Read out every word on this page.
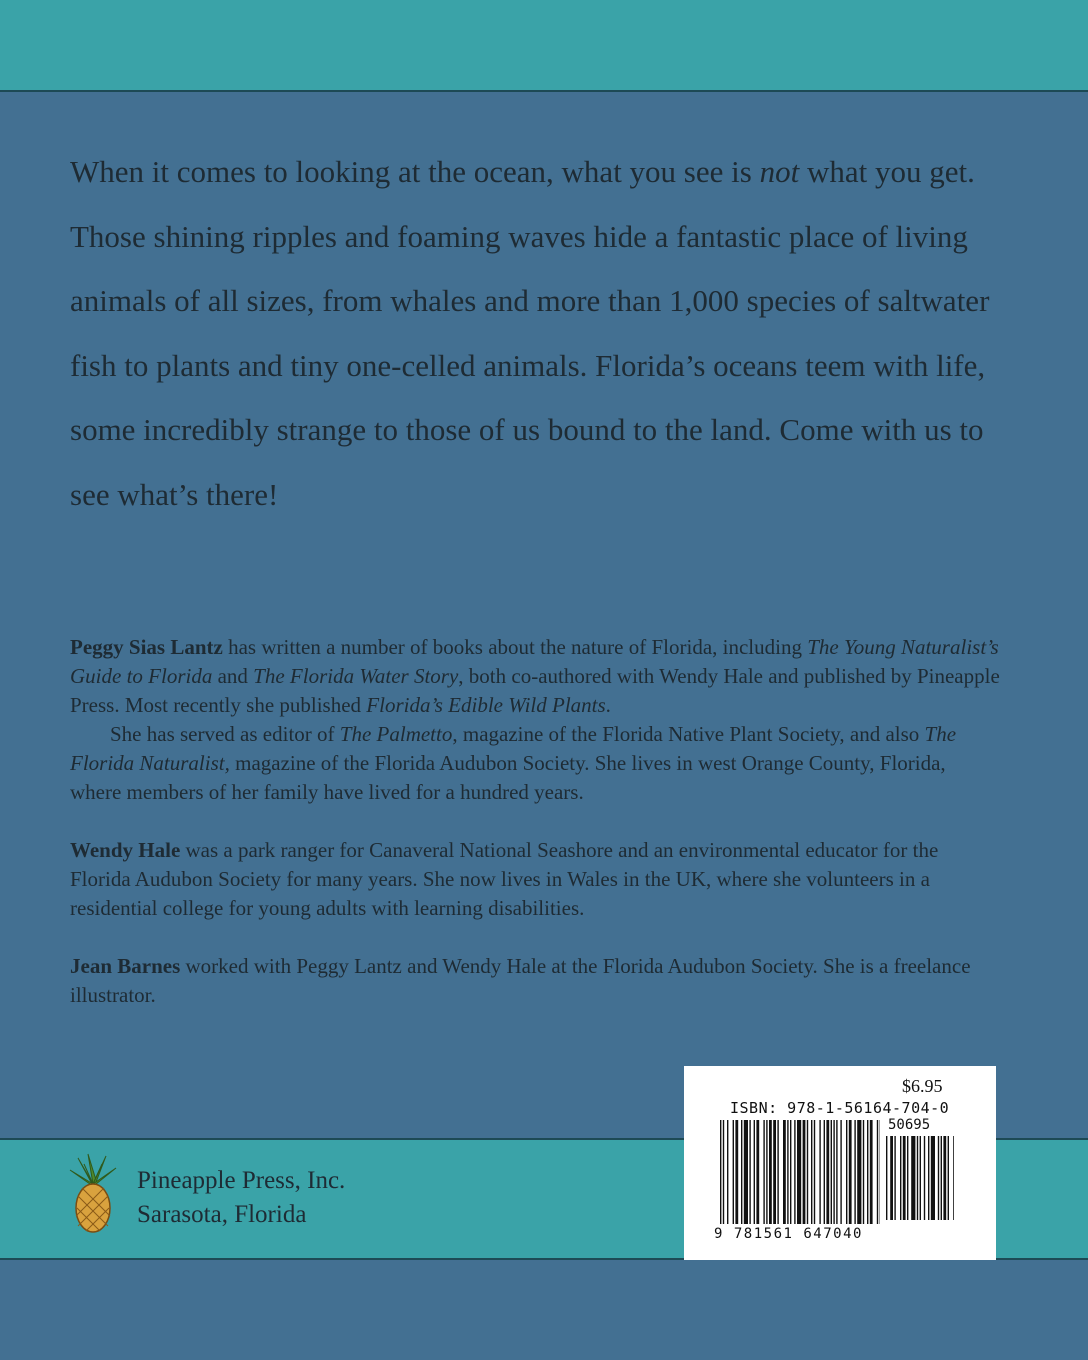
When it comes to looking at the ocean, what you see is not what you get. Those shining ripples and foaming waves hide a fantastic place of living animals of all sizes, from whales and more than 1,000 species of saltwater fish to plants and tiny one-celled animals. Florida’s oceans teem with life, some incredibly strange to those of us bound to the land. Come with us to see what’s there!

Peggy Sias Lantz has written a number of books about the nature of Florida, including The Young Naturalist’s Guide to Florida and The Florida Water Story, both co-authored with Wendy Hale and published by Pineapple Press. Most recently she published Florida’s Edible Wild Plants.

She has served as editor of The Palmetto, magazine of the Florida Native Plant Society, and also The Florida Naturalist, magazine of the Florida Audubon Society. She lives in west Orange County, Florida, where members of her family have lived for a hundred years.

Wendy Hale was a park ranger for Canaveral National Seashore and an environmental educator for the Florida Audubon Society for many years. She now lives in Wales in the UK, where she volunteers in a residential college for young adults with learning disabilities.

Jean Barnes worked with Peggy Lantz and Wendy Hale at the Florida Audubon Society. She is a freelance illustrator.

Pineapple Press, Inc.
Sarasota, Florida
$6.95
ISBN: 978-1-56164-704-0
50695
9 781561 647040
